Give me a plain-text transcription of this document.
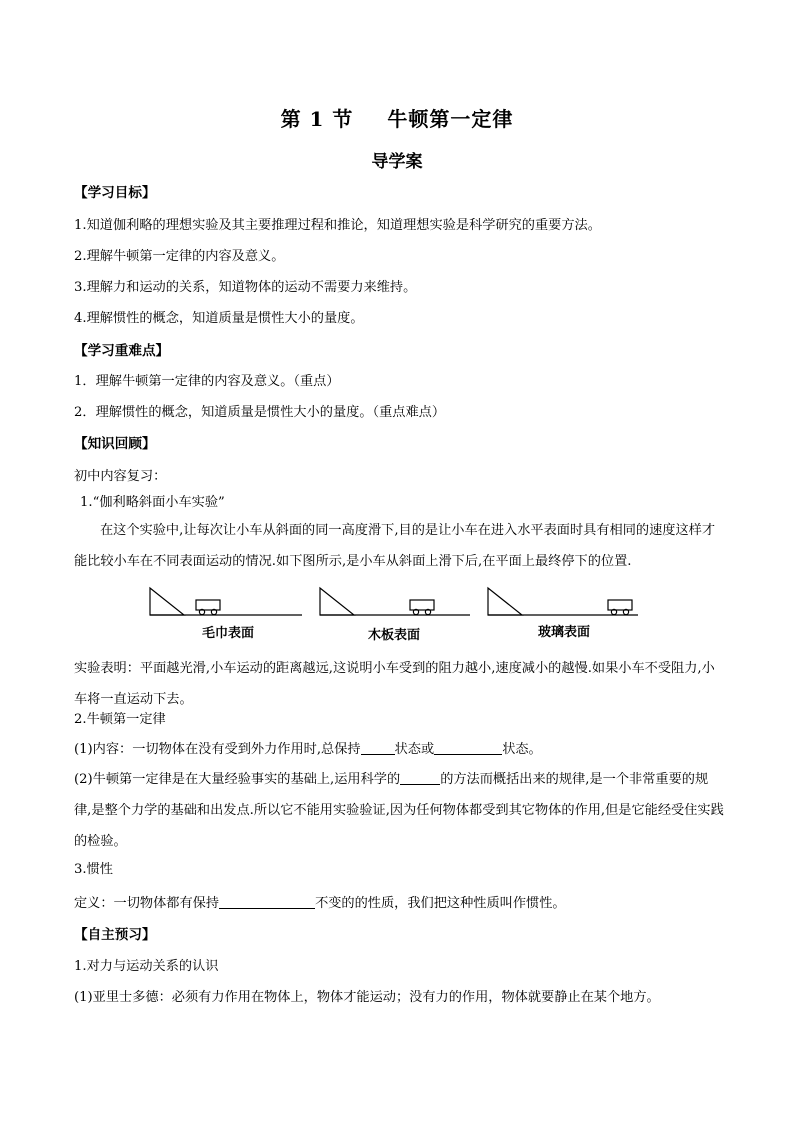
第 1 节 牛顿第一定律
导学案
【学习目标】
1.知道伽利略的理想实验及其主要推理过程和推论，知道理想实验是科学研究的重要方法。
2.理解牛顿第一定律的内容及意义。
3.理解力和运动的关系，知道物体的运动不需要力来维持。
4.理解惯性的概念，知道质量是惯性大小的量度。
【学习重难点】
1．理解牛顿第一定律的内容及意义。（重点）
2．理解惯性的概念，知道质量是惯性大小的量度。（重点难点）
【知识回顾】
初中内容复习：
1.“伽利略斜面小车实验”
在这个实验中,让每次让小车从斜面的同一高度滑下,目的是让小车在进入水平表面时具有相同的速度这样才能比较小车在不同表面运动的情况.如下图所示,是小车从斜面上滑下后,在平面上最终停下的位置.
毛巾表面	木板表面	玻璃表面
实验表明：平面越光滑,小车运动的距离越远,这说明小车受到的阻力越小,速度减小的越慢.如果小车不受阻力,小车将一直运动下去。
2.牛顿第一定律
(1)内容：一切物体在没有受到外力作用时,总保持	状态或	状态。
(2)牛顿第一定律是在大量经验事实的基础上,运用科学的	的方法而概括出来的规律,是一个非常重要的规律,是整个力学的基础和出发点.所以它不能用实验验证,因为任何物体都受到其它物体的作用,但是它能经受住实践的检验。
3.惯性
定义：一切物体都有保持	不变的的性质，我们把这种性质叫作惯性。
【自主预习】
1.对力与运动关系的认识
(1)亚里士多德：必须有力作用在物体上，物体才能运动；没有力的作用，物体就要静止在某个地方。
